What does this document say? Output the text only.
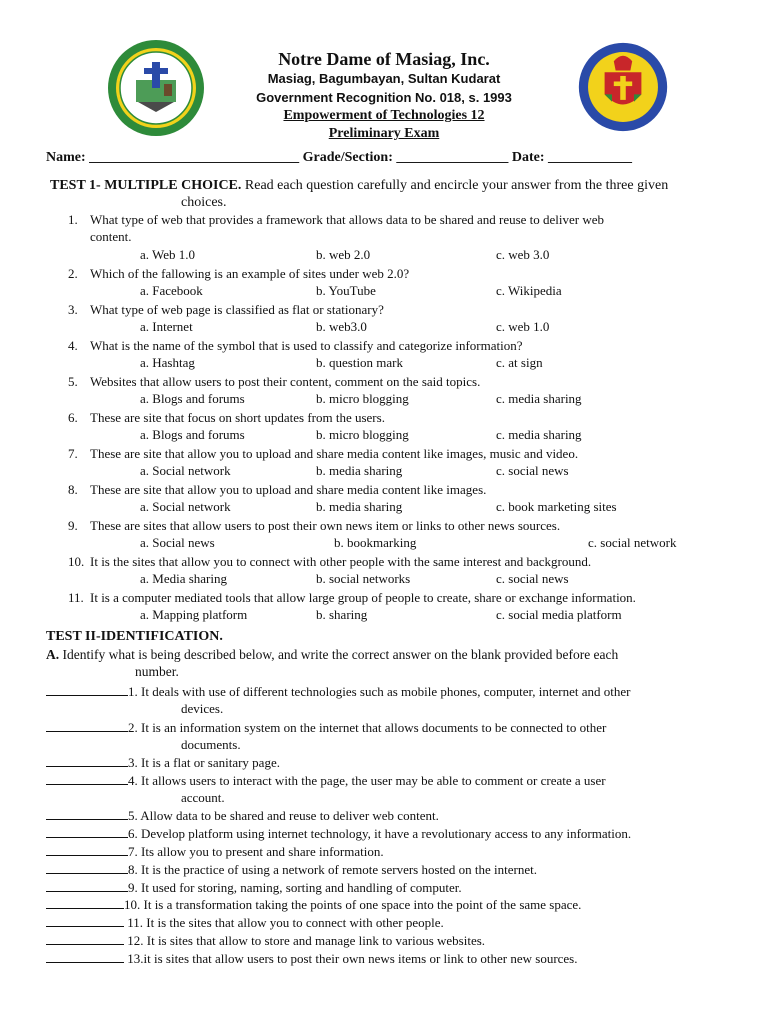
Notre Dame of Masiag, Inc.
Masiag, Bagumbayan, Sultan Kudarat
Government Recognition No. 018, s. 1993
Empowerment of Technologies 12
Preliminary Exam
Name: ______________________________ Grade/Section: ________________ Date: ____________
TEST 1- MULTIPLE CHOICE. Read each question carefully and encircle your answer from the three given
choices.
1. What type of web that provides a framework that allows data to be shared and reuse to deliver web
content.
a. Web 1.0	b. web 2.0	c. web 3.0
2. Which of the fallowing is an example of sites under web 2.0?
a. Facebook	b. YouTube	c. Wikipedia
3. What type of web page is classified as flat or stationary?
a. Internet	b. web3.0	c. web 1.0
4. What is the name of the symbol that is used to classify and categorize information?
a. Hashtag	b. question mark	c. at sign
5. Websites that allow users to post their content, comment on the said topics.
a. Blogs and forums	b. micro blogging	c. media sharing
6. These are site that focus on short updates from the users.
a. Blogs and forums	b. micro blogging	c. media sharing
7. These are site that allow you to upload and share media content like images, music and video.
a. Social network	b. media sharing	c. social news
8. These are site that allow you to upload and share media content like images.
a. Social network	b. media sharing	c. book marketing sites
9. These are sites that allow users to post their own news item or links to other news sources.
a. Social news	b. bookmarking	c. social network
10. It is the sites that allow you to connect with other people with the same interest and background.
a. Media sharing	b. social networks	c. social news
11. It is a computer mediated tools that allow large group of people to create, share or exchange information.
a. Mapping platform	b. sharing	c. social media platform
TEST II-IDENTIFICATION.
A. Identify what is being described below, and write the correct answer on the blank provided before each
number.
1. It deals with use of different technologies such as mobile phones, computer, internet and other
devices.
2. It is an information system on the internet that allows documents to be connected to other
documents.
3. It is a flat or sanitary page.
4. It allows users to interact with the page, the user may be able to comment or create a user
account.
5. Allow data to be shared and reuse to deliver web content.
6. Develop platform using internet technology, it have a revolutionary access to any information.
7. Its allow you to present and share information.
8. It is the practice of using a network of remote servers hosted on the internet.
9. It used for storing, naming, sorting and handling of computer.
10. It is a transformation taking the points of one space into the point of the same space.
11. It is the sites that allow you to connect with other people.
12. It is sites that allow to store and manage link to various websites.
13.it is sites that allow users to post their own news items or link to other new sources.
